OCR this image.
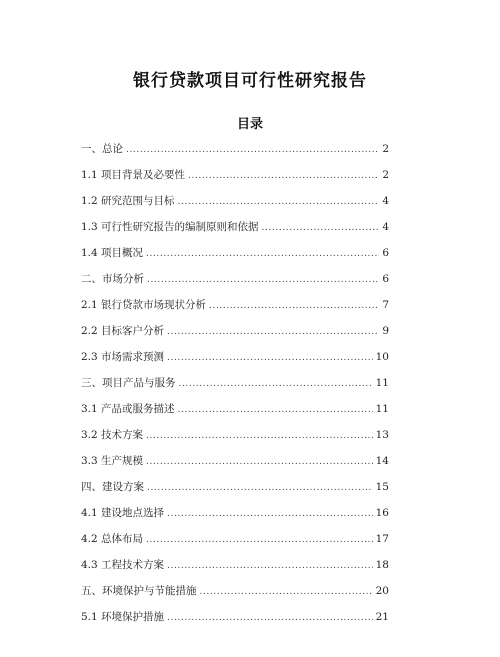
银行贷款项目可行性研究报告
目录
一、总论 .....	2
1.1 项目背景及必要性 .....	2
1.2 研究范围与目标 .....	4
1.3 可行性研究报告的编制原则和依据 .....	4
1.4 项目概况 .....	6
二、市场分析 .....	6
2.1 银行贷款市场现状分析 .....	7
2.2 目标客户分析 .....	9
2.3 市场需求预测 .....	10
三、项目产品与服务 .....	11
3.1 产品或服务描述 .....	11
3.2 技术方案 .....	13
3.3 生产规模 .....	14
四、建设方案 .....	15
4.1 建设地点选择 .....	16
4.2 总体布局 .....	17
4.3 工程技术方案 .....	18
五、环境保护与节能措施 .....	20
5.1 环境保护措施 .....	21
